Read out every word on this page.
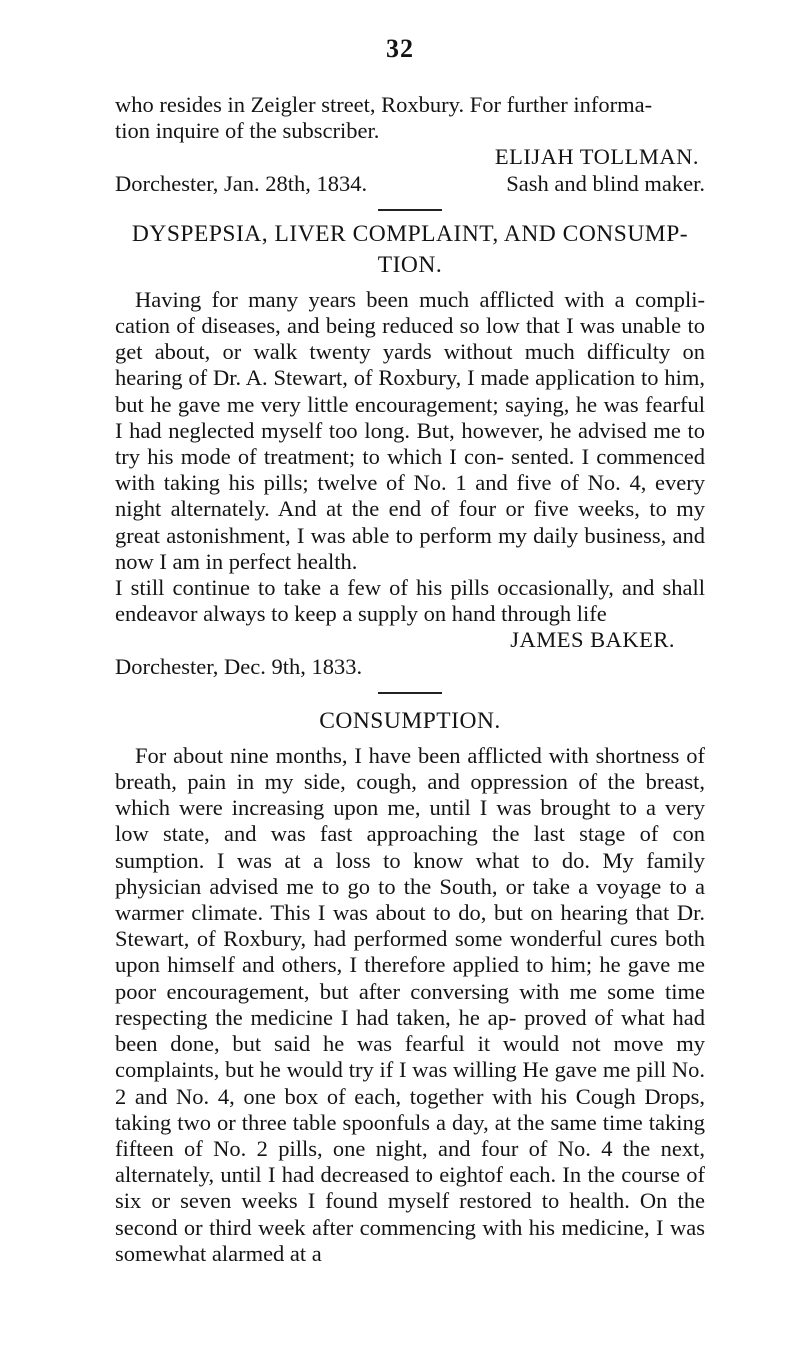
32
who resides in Zeigler street, Roxbury. For further informa-
tion inquire of the subscriber.
ELIJAH TOLLMAN.
Dorchester, Jan. 28th, 1834.	Sash and blind maker.
DYSPEPSIA, LIVER COMPLAINT, AND CONSUMP-
TION.

Having for many years been much afflicted with a compli- cation of diseases, and being reduced so low that I was unable to get about, or walk twenty yards without much difficulty on hearing of Dr. A. Stewart, of Roxbury, I made application to him, but he gave me very little encouragement; saying, he was fearful I had neglected myself too long. But, however, he advised me to try his mode of treatment; to which I con- sented. I commenced with taking his pills; twelve of No. 1 and five of No. 4, every night alternately. And at the end of four or five weeks, to my great astonishment, I was able to perform my daily business, and now I am in perfect health.

I still continue to take a few of his pills occasionally, and shall endeavor always to keep a supply on hand through life

JAMES BAKER.
Dorchester, Dec. 9th, 1833.
CONSUMPTION.

For about nine months, I have been afflicted with shortness of breath, pain in my side, cough, and oppression of the breast, which were increasing upon me, until I was brought to a very low state, and was fast approaching the last stage of con sumption. I was at a loss to know what to do. My family physician advised me to go to the South, or take a voyage to a warmer climate. This I was about to do, but on hearing that Dr. Stewart, of Roxbury, had performed some wonderful cures both upon himself and others, I therefore applied to him; he gave me poor encouragement, but after conversing with me some time respecting the medicine I had taken, he ap- proved of what had been done, but said he was fearful it would not move my complaints, but he would try if I was willing He gave me pill No. 2 and No. 4, one box of each, together with his Cough Drops, taking two or three table spoonfuls a day, at the same time taking fifteen of No. 2 pills, one night, and four of No. 4 the next, alternately, until I had decreased to eightof each. In the course of six or seven weeks I found myself restored to health. On the second or third week after commencing with his medicine, I was somewhat alarmed at a
